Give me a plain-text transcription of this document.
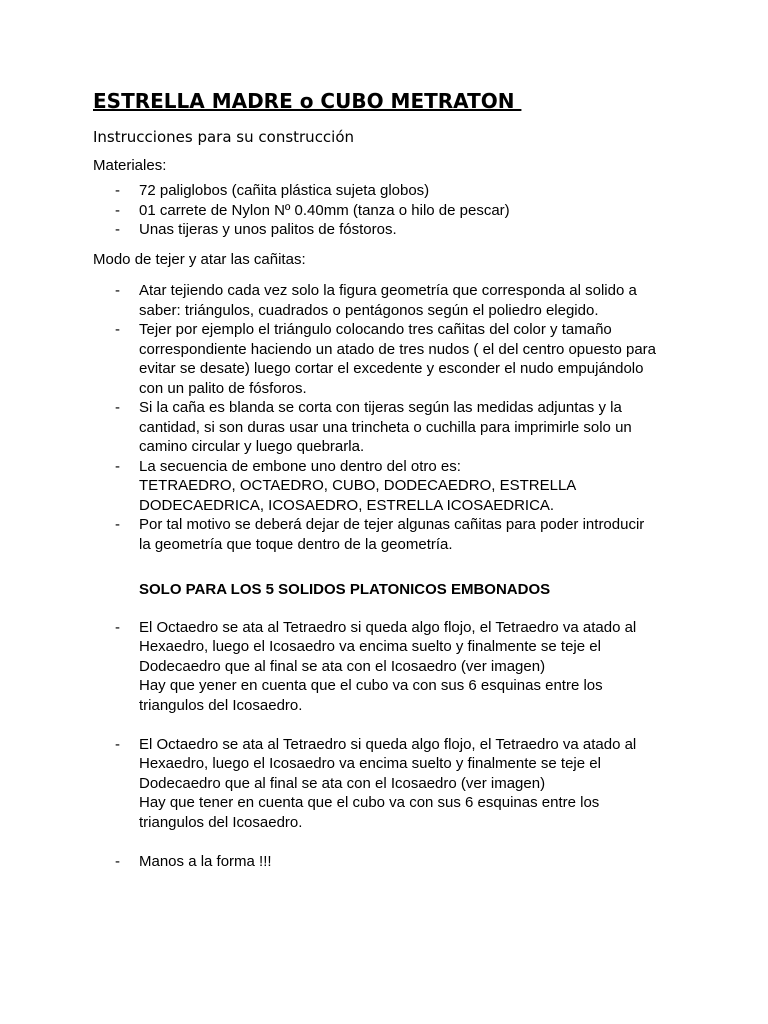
ESTRELLA MADRE o CUBO METRATON
Instrucciones para su construcción
Materiales:
- 72 paliglobos (cañita plástica sujeta globos)
- 01 carrete de Nylon Nº 0.40mm (tanza o hilo de pescar)
- Unas tijeras y unos palitos de fóstoros.
Modo de tejer y atar las cañitas:
- Atar tejiendo cada vez solo la figura geometría que corresponda al solido a
saber: triángulos, cuadrados o pentágonos según el poliedro elegido.
- Tejer por ejemplo el triángulo colocando tres cañitas del color y tamaño
correspondiente haciendo un atado de tres nudos ( el del centro opuesto para
evitar se desate) luego cortar el excedente y esconder el nudo empujándolo
con un palito de fósforos.
- Si la caña es blanda se corta con tijeras según las medidas adjuntas y la
cantidad, si son duras usar una trincheta o cuchilla para imprimirle solo un
camino circular y luego quebrarla.
- La secuencia de embone uno dentro del otro es:
TETRAEDRO, OCTAEDRO, CUBO, DODECAEDRO, ESTRELLA
DODECAEDRICA, ICOSAEDRO, ESTRELLA ICOSAEDRICA.
- Por tal motivo se deberá dejar de tejer algunas cañitas para poder introducir
la geometría que toque dentro de la geometría.
SOLO PARA LOS 5 SOLIDOS PLATONICOS EMBONADOS
- El Octaedro se ata al Tetraedro si queda algo flojo, el Tetraedro va atado al
Hexaedro, luego el Icosaedro va encima suelto y finalmente se teje el
Dodecaedro que al final se ata con el Icosaedro (ver imagen)
Hay que yener en cuenta que el cubo va con sus 6 esquinas entre los
triangulos del Icosaedro.
- El Octaedro se ata al Tetraedro si queda algo flojo, el Tetraedro va atado al
Hexaedro, luego el Icosaedro va encima suelto y finalmente se teje el
Dodecaedro que al final se ata con el Icosaedro (ver imagen)
Hay que tener en cuenta que el cubo va con sus 6 esquinas entre los
triangulos del Icosaedro.
- Manos a la forma !!!
